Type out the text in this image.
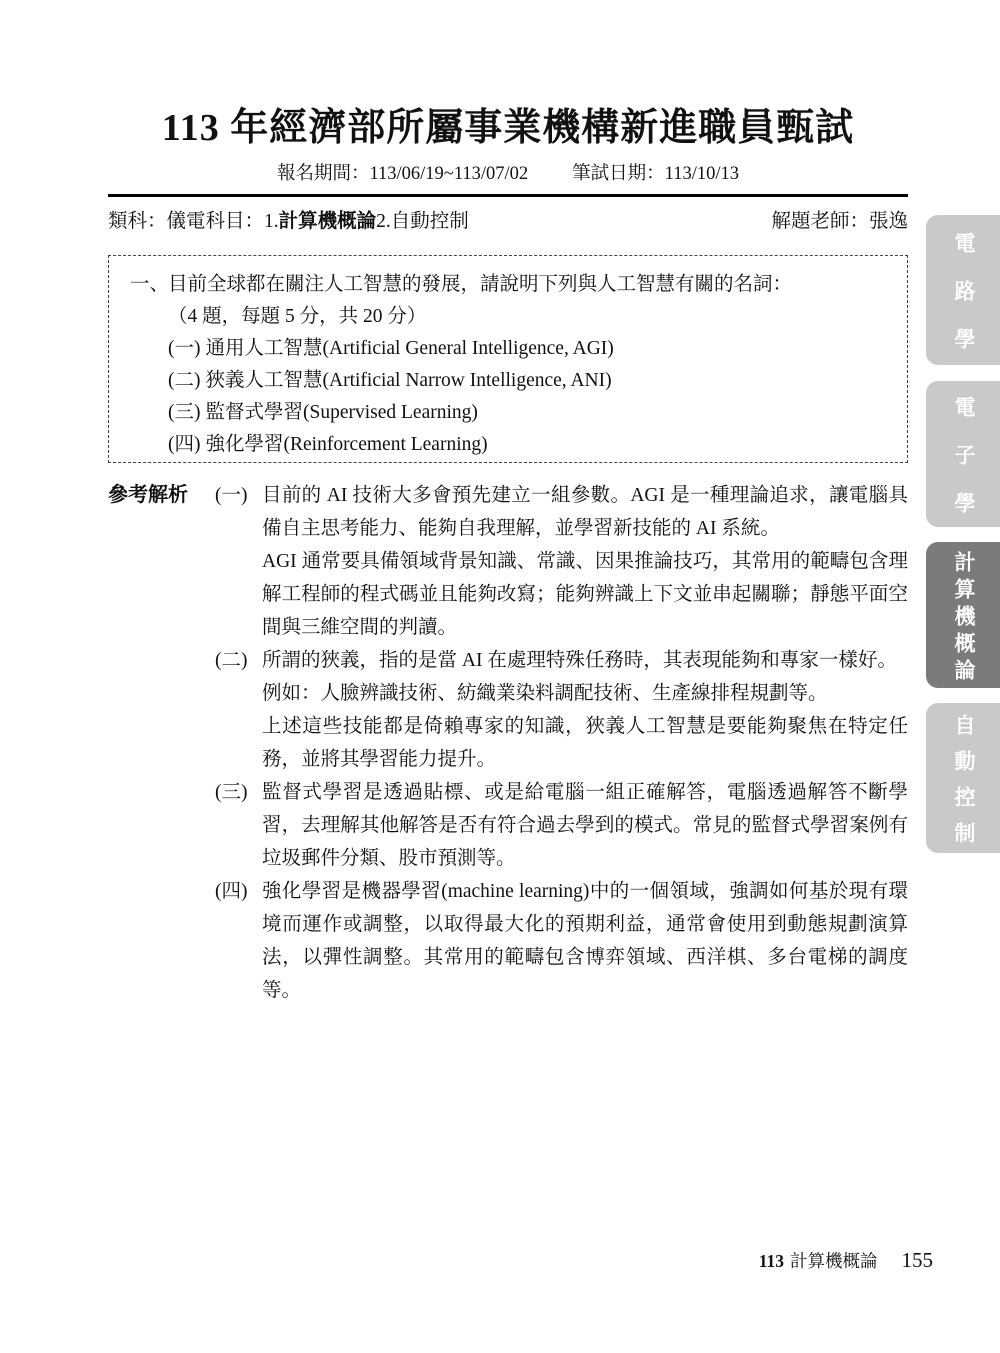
113 年經濟部所屬事業機構新進職員甄試
報名期間：113/06/19~113/07/02 筆試日期：113/10/13
類科：儀電科目：1.計算機概論2.自動控制	解題老師：張逸
一、
目前全球都在關注人工智慧的發展，請說明下列與人工智慧有關的名詞：
（4 題，每題 5 分，共 20 分）
(一) 通用人工智慧(Artificial General Intelligence, AGI)
(二) 狹義人工智慧(Artificial Narrow Intelligence, ANI)
(三) 監督式學習(Supervised Learning)
(四) 強化學習(Reinforcement Learning)
參考解析	(一) 目前的 AI 技術大多會預先建立一組參數。AGI 是一種理論追求，讓電腦具備自主思考能力、能夠自我理解，並學習新技能的 AI 系統。

AGI 通常要具備領域背景知識、常識、因果推論技巧，其常用的範疇包含理解工程師的程式碼並且能夠改寫；能夠辨識上下文並串起關聯；靜態平面空間與三維空間的判讀。

(二) 所謂的狹義，指的是當 AI 在處理特殊任務時，其表現能夠和專家一樣好。

例如：人臉辨識技術、紡織業染料調配技術、生產線排程規劃等。

上述這些技能都是倚賴專家的知識，狹義人工智慧是要能夠聚焦在特定任務，並將其學習能力提升。

(三) 監督式學習是透過貼標、或是給電腦一組正確解答，電腦透過解答不斷學習，去理解其他解答是否有符合過去學到的模式。常見的監督式學習案例有垃圾郵件分類、股市預測等。

(四) 強化學習是機器學習(machine learning)中的一個領域，強調如何基於現有環境而運作或調整，以取得最大化的預期利益，通常會使用到動態規劃演算法，以彈性調整。其常用的範疇包含博弈領域、西洋棋、多台電梯的調度等。

電路學
電子學
計算機概論
自動控制
113 計算機概論 155
